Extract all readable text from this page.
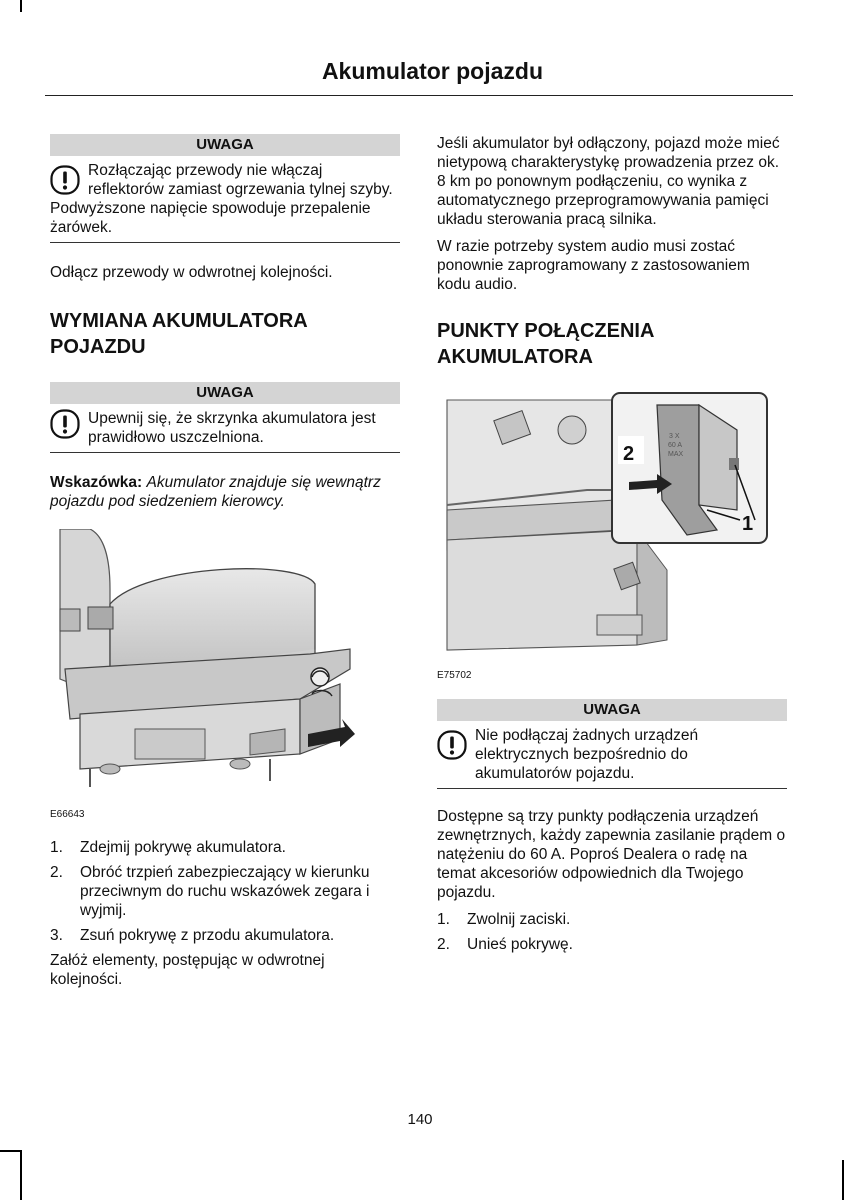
Akumulator pojazdu
UWAGA
Rozłączając przewody nie włączaj reflektorów zamiast ogrzewania tylnej szyby. Podwyższone napięcie spowoduje przepalenie żarówek.

Odłącz przewody w odwrotnej kolejności.

WYMIANA AKUMULATORA POJAZDU
UWAGA
Upewnij się, że skrzynka akumulatora jest prawidłowo uszczelniona.

Wskazówka: Akumulator znajduje się wewnątrz pojazdu pod siedzeniem kierowcy.

E66643
1. Zdejmij pokrywę akumulatora.
2. Obróć trzpień zabezpieczający w kierunku przeciwnym do ruchu wskazówek zegara i wyjmij.
3. Zsuń pokrywę z przodu akumulatora.

Załóż elementy, postępując w odwrotnej kolejności.

Jeśli akumulator był odłączony, pojazd może mieć nietypową charakterystykę prowadzenia przez ok. 8 km po ponownym podłączeniu, co wynika z automatycznego przeprogramowywania pamięci układu sterowania pracą silnika.

W razie potrzeby system audio musi zostać ponownie zaprogramowany z zastosowaniem kodu audio.

PUNKTY POŁĄCZENIA AKUMULATORA
3 X
60 A
MAX
2
1
E75702
UWAGA
Nie podłączaj żadnych urządzeń elektrycznych bezpośrednio do akumulatorów pojazdu.

Dostępne są trzy punkty podłączenia urządzeń zewnętrznych, każdy zapewnia zasilanie prądem o natężeniu do 60 A. Poproś Dealera o radę na temat akcesoriów odpowiednich dla Twojego pojazdu.

1. Zwolnij zaciski.
2. Unieś pokrywę.
140
